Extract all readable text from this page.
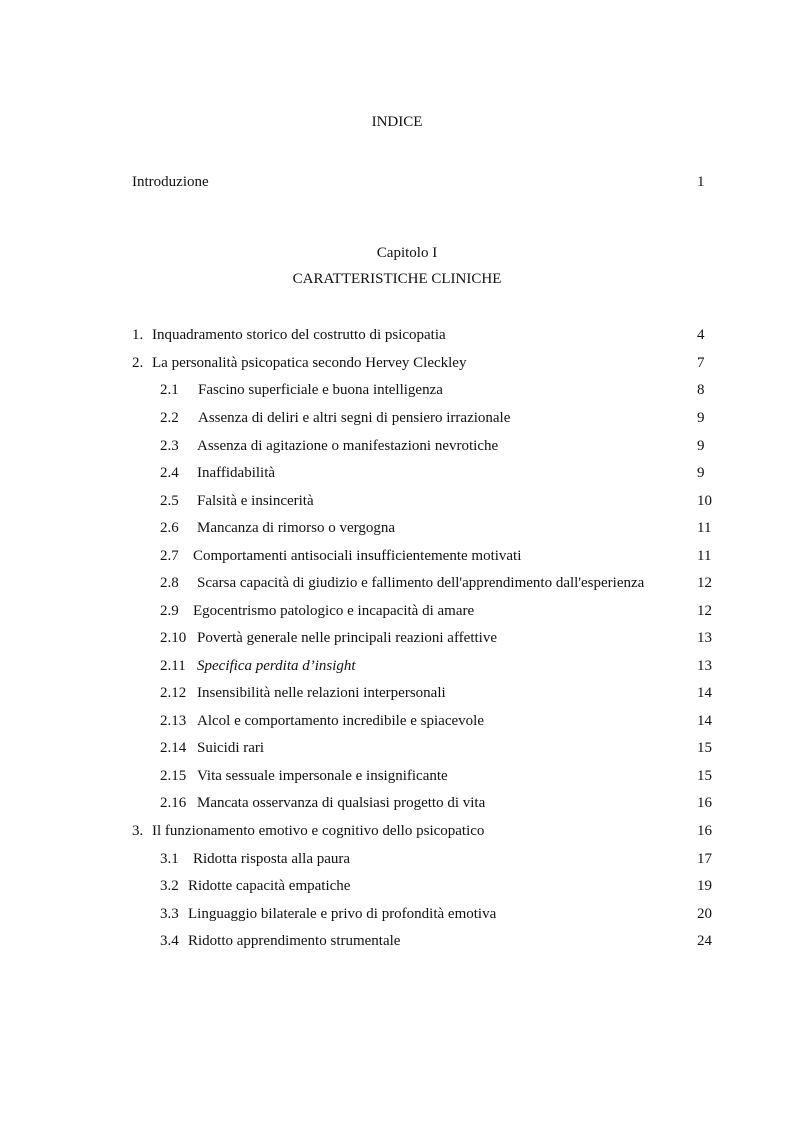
INDICE
Introduzione	1
Capitolo I
CARATTERISTICHE CLINICHE
1. Inquadramento storico del costrutto di psicopatia	4
2. La personalità psicopatica secondo Hervey Cleckley	7
2.1 Fascino superficiale e buona intelligenza	8
2.2 Assenza di deliri e altri segni di pensiero irrazionale	9
2.3 Assenza di agitazione o manifestazioni nevrotiche	9
2.4 Inaffidabilità	9
2.5 Falsità e insincerità	10
2.6 Mancanza di rimorso o vergogna	11
2.7 Comportamenti antisociali insufficientemente motivati	11
2.8 Scarsa capacità di giudizio e fallimento dell'apprendimento dall'esperienza	12
2.9 Egocentrismo patologico e incapacità di amare	12
2.10 Povertà generale nelle principali reazioni affettive	13
2.11 Specifica perdita d’insight	13
2.12 Insensibilità nelle relazioni interpersonali	14
2.13 Alcol e comportamento incredibile e spiacevole	14
2.14 Suicidi rari	15
2.15 Vita sessuale impersonale e insignificante	15
2.16 Mancata osservanza di qualsiasi progetto di vita	16
3. Il funzionamento emotivo e cognitivo dello psicopatico	16
3.1 Ridotta risposta alla paura	17
3.2 Ridotte capacità empatiche	19
3.3 Linguaggio bilaterale e privo di profondità emotiva	20
3.4 Ridotto apprendimento strumentale	24
